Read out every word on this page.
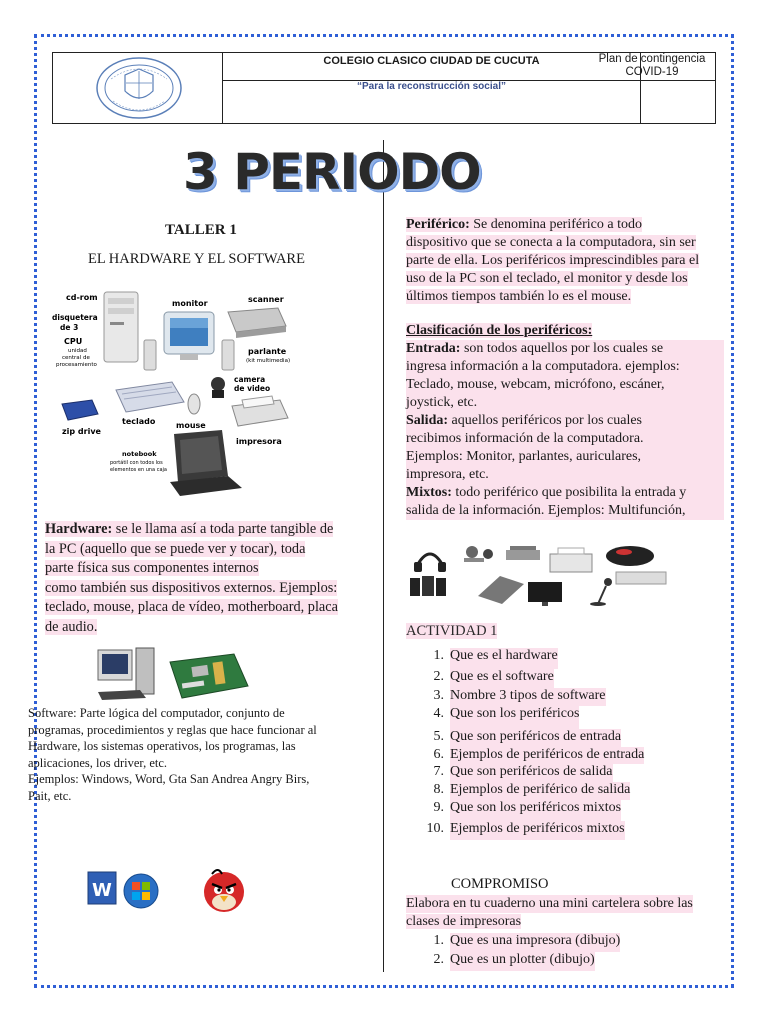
COLEGIO CLASICO CIUDAD DE CUCUTA
“Para la reconstrucción social”
Plan de contingencia
COVID-19
3 PERIODO
TALLER 1
EL HARDWARE Y EL SOFTWARE
cd-rom
monitor	scanner
disquetera
de 3
CPU
unidad
central de
procesamiento
parlante
(kit multimedia)
camera
de video
teclado	mouse
zip drive
impresora
notebook
portátil con todos los
elementos en una caja
Hardware: se le llama así a toda parte tangible de
la PC (aquello que se puede ver y tocar), toda
parte física sus componentes internos
como también sus dispositivos externos. Ejemplos:
teclado, mouse, placa de vídeo, motherboard, placa
de audio.
Software: Parte lógica del computador, conjunto de
programas, procedimientos y reglas que hace funcionar al
Hardware, los sistemas operativos, los programas, las
aplicaciones, los driver, etc.
Ejemplos: Windows, Word, Gta San Andrea Angry Birs,
Pait, etc.
W
Periférico: Se denomina periférico a todo
dispositivo que se conecta a la computadora, sin ser
parte de ella. Los periféricos imprescindibles para el
uso de la PC son el teclado, el monitor y desde los
últimos tiempos también lo es el mouse.
Clasificación de los periféricos:
Entrada: son todos aquellos por los cuales se
ingresa información a la computadora. ejemplos:
Teclado, mouse, webcam, micrófono, escáner,
joystick, etc.
Salida: aquellos periféricos por los cuales
recibimos información de la computadora.
Ejemplos: Monitor, parlantes, auriculares,
impresora, etc.
Mixtos: todo periférico que posibilita la entrada y
salida de la información. Ejemplos: Multifunción,
ACTIVIDAD 1
1. Que es el hardware
2. Que es el software
3. Nombre 3 tipos de software
4. Que son los periféricos
5. Que son periféricos de entrada
6. Ejemplos de periféricos de entrada
7. Que son periféricos de salida
8. Ejemplos de periférico de salida
9. Que son los periféricos mixtos
10. Ejemplos de periféricos mixtos
COMPROMISO
Elabora en tu cuaderno una mini cartelera sobre las
clases de impresoras
1. Que es una impresora (dibujo)
2. Que es un plotter (dibujo)
